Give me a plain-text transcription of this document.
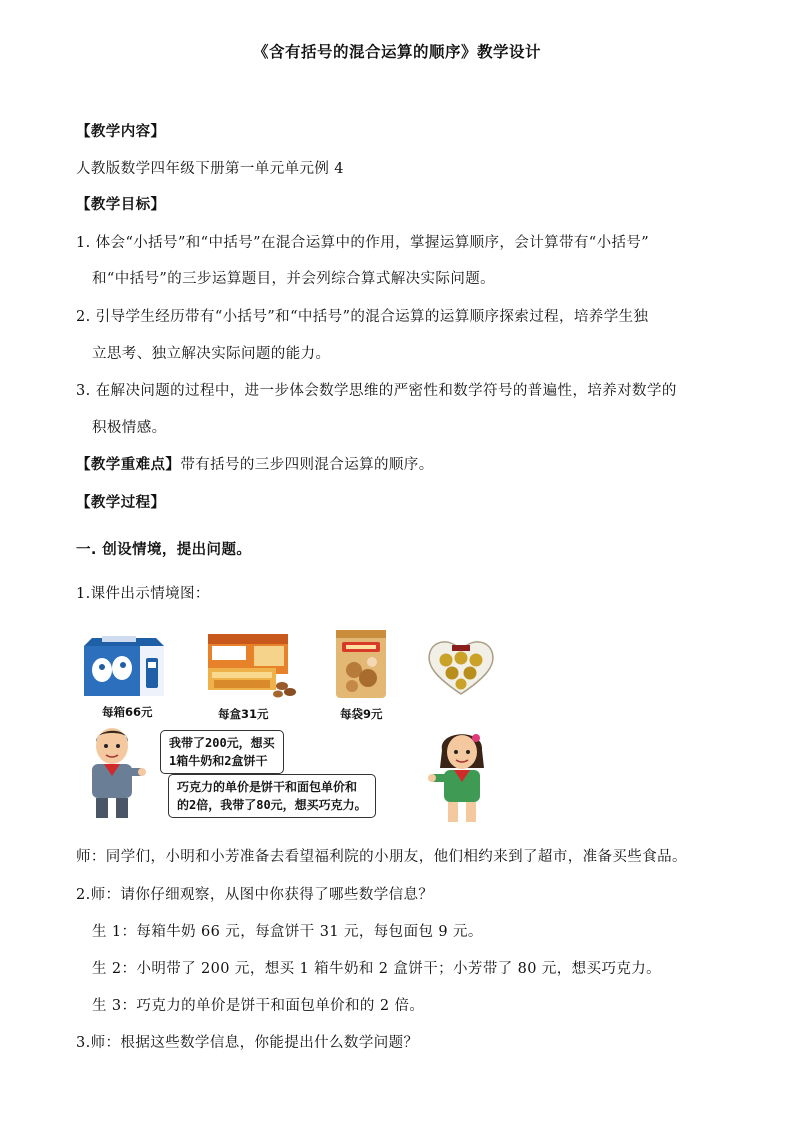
《含有括号的混合运算的顺序》教学设计
【教学内容】
人教版数学四年级下册第一单元单元例 4
【教学目标】
1. 体会“小括号”和“中括号”在混合运算中的作用，掌握运算顺序，会计算带有“小括号”
和“中括号”的三步运算题目，并会列综合算式解决实际问题。
2. 引导学生经历带有“小括号”和“中括号”的混合运算的运算顺序探索过程，培养学生独
立思考、独立解决实际问题的能力。
3. 在解决问题的过程中，进一步体会数学思维的严密性和数学符号的普遍性，培养对数学的
积极情感。
【教学重难点】带有括号的三步四则混合运算的顺序。
【教学过程】
一. 创设情境，提出问题。
1.课件出示情境图：
每箱66元	每盒31元	每袋9元
我带了200元，想买
1箱牛奶和2盒饼干
巧克力的单价是饼干和面包单价和
的2倍，我带了80元，想买巧克力。
师：同学们，小明和小芳准备去看望福利院的小朋友，他们相约来到了超市，准备买些食品。
2.师：请你仔细观察，从图中你获得了哪些数学信息？
生 1：每箱牛奶 66 元，每盒饼干 31 元，每包面包 9 元。
生 2：小明带了 200 元，想买 1 箱牛奶和 2 盒饼干；小芳带了 80 元，想买巧克力。
生 3：巧克力的单价是饼干和面包单价和的 2 倍。
3.师：根据这些数学信息，你能提出什么数学问题？
